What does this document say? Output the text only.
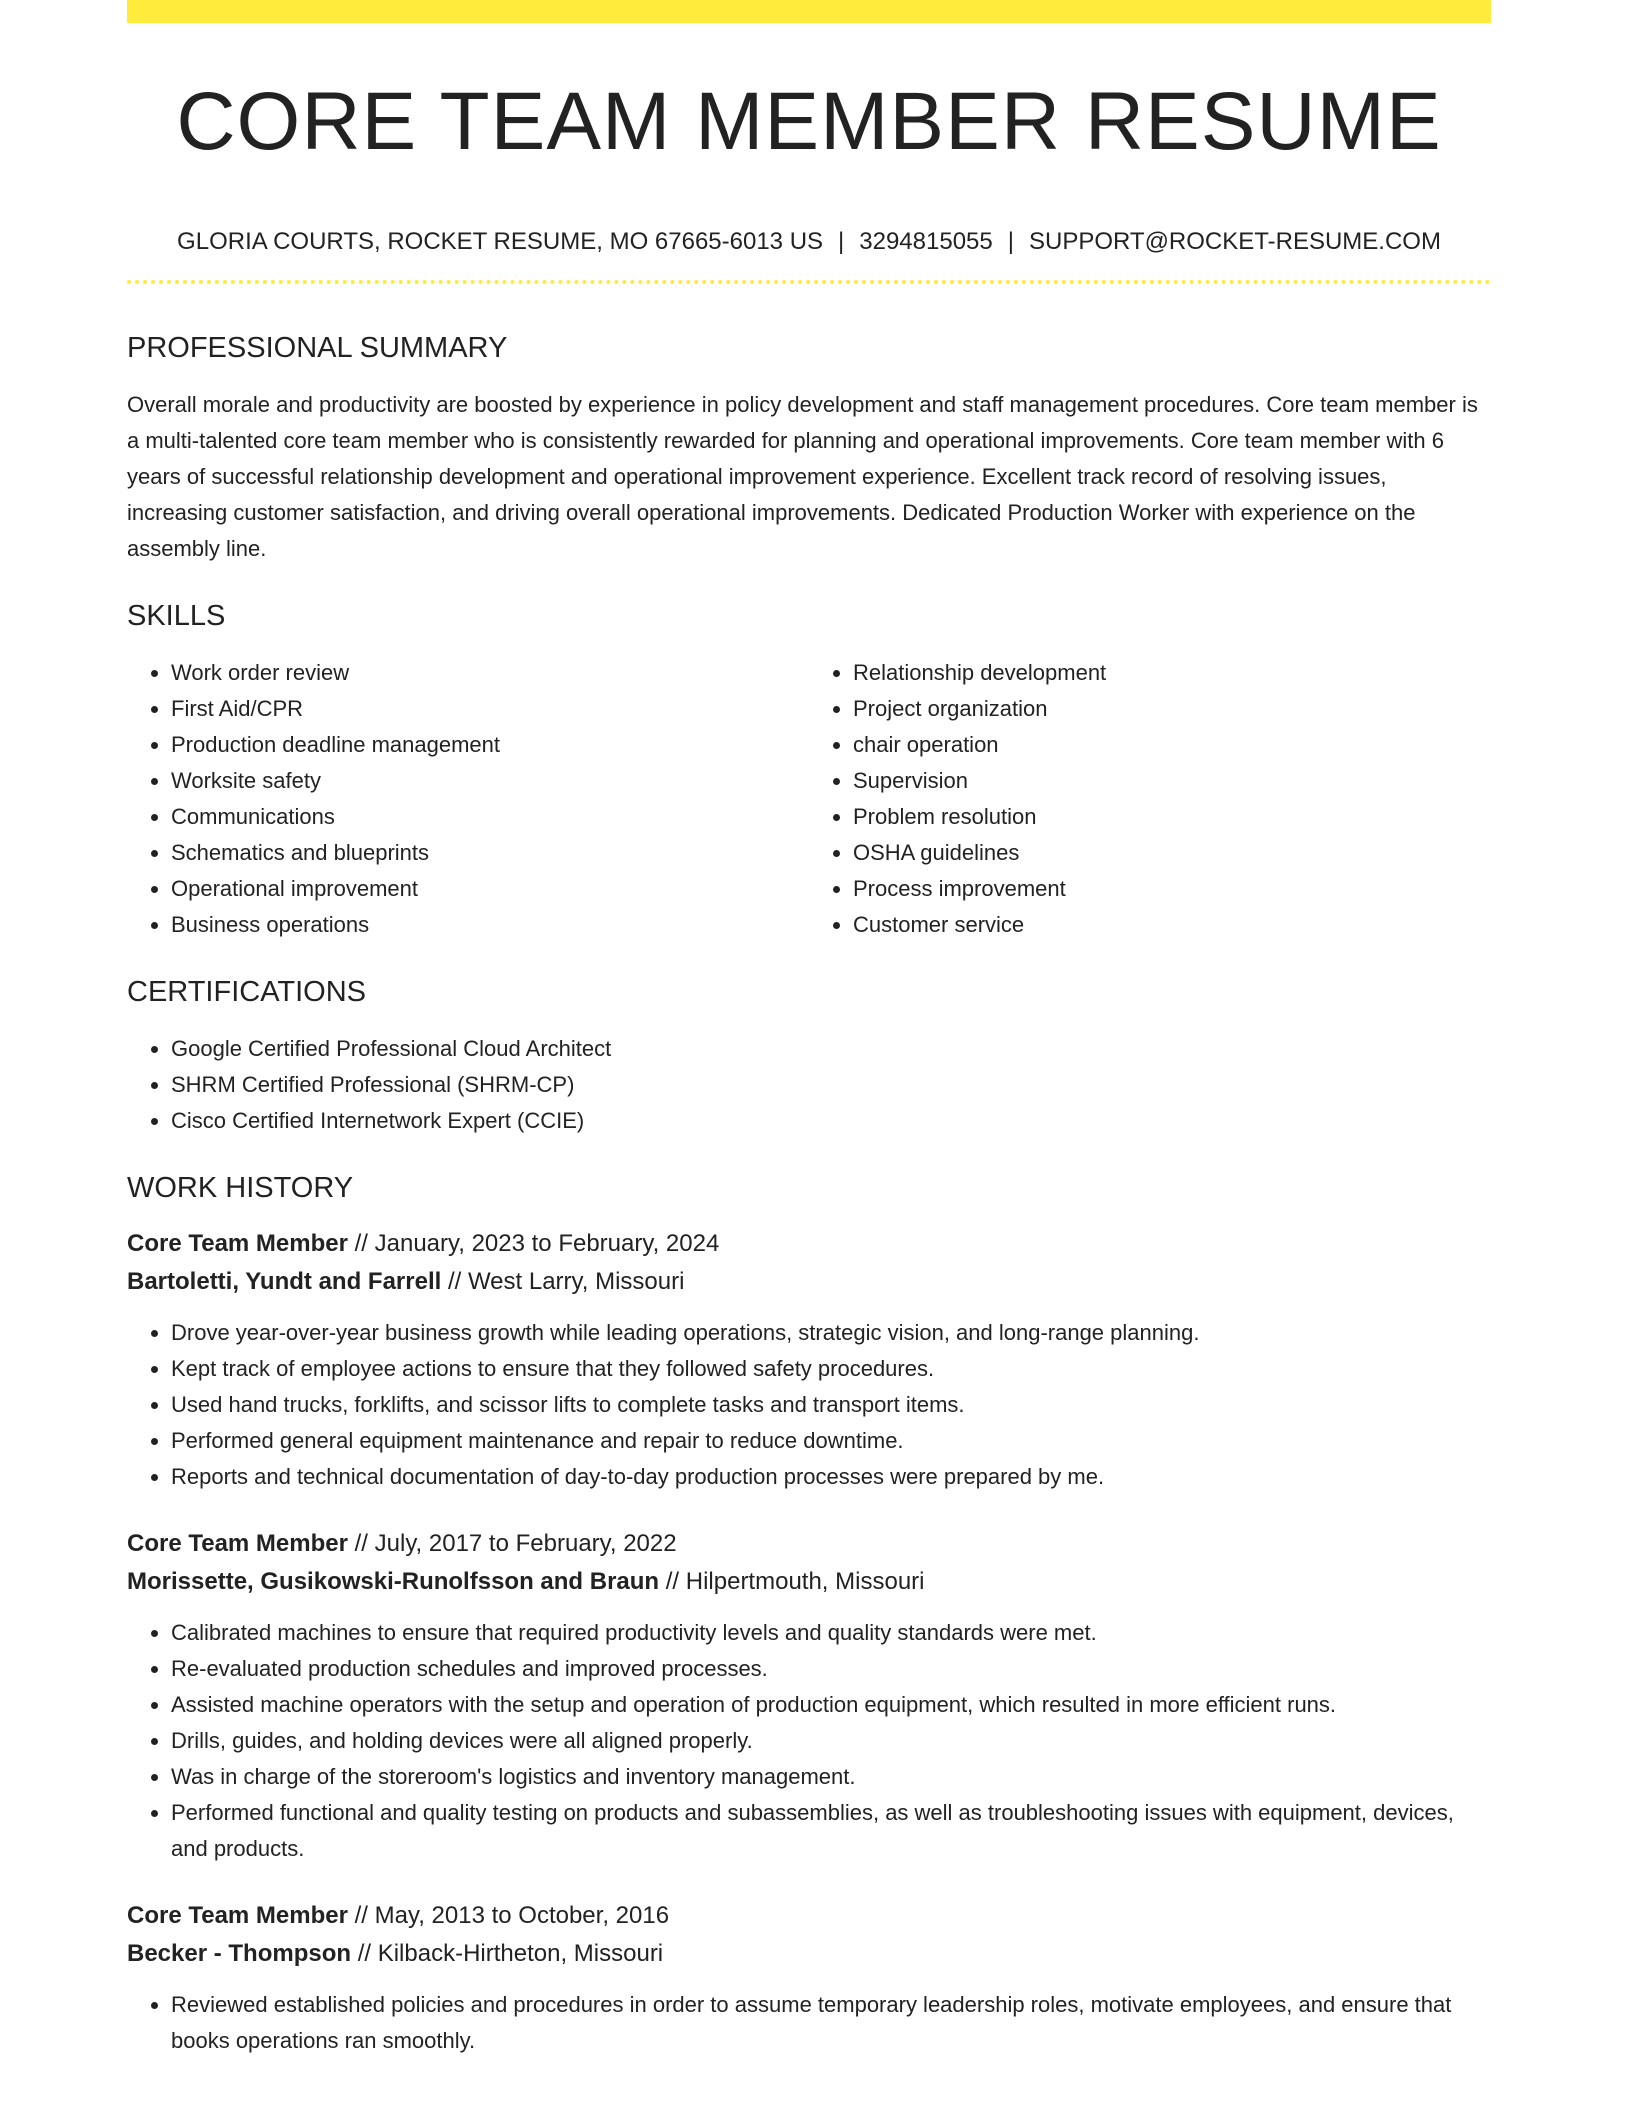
CORE TEAM MEMBER RESUME
GLORIA COURTS, ROCKET RESUME, MO 67665-6013 US | 3294815055 | SUPPORT@ROCKET-RESUME.COM
PROFESSIONAL SUMMARY

Overall morale and productivity are boosted by experience in policy development and staff management procedures. Core team member is a multi-talented core team member who is consistently rewarded for planning and operational improvements. Core team member with 6 years of successful relationship development and operational improvement experience. Excellent track record of resolving issues, increasing customer satisfaction, and driving overall operational improvements. Dedicated Production Worker with experience on the assembly line.

SKILLS
• Work order review
• First Aid/CPR
• Production deadline management
• Worksite safety
• Communications
• Schematics and blueprints
• Operational improvement
• Business operations
• Relationship development
• Project organization
• chair operation
• Supervision
• Problem resolution
• OSHA guidelines
• Process improvement
• Customer service
CERTIFICATIONS
• Google Certified Professional Cloud Architect
• SHRM Certified Professional (SHRM-CP)
• Cisco Certified Internetwork Expert (CCIE)
WORK HISTORY
Core Team Member // January, 2023 to February, 2024
Bartoletti, Yundt and Farrell // West Larry, Missouri
• Drove year-over-year business growth while leading operations, strategic vision, and long-range planning.
• Kept track of employee actions to ensure that they followed safety procedures.
• Used hand trucks, forklifts, and scissor lifts to complete tasks and transport items.
• Performed general equipment maintenance and repair to reduce downtime.
• Reports and technical documentation of day-to-day production processes were prepared by me.
Core Team Member // July, 2017 to February, 2022
Morissette, Gusikowski-Runolfsson and Braun // Hilpertmouth, Missouri
• Calibrated machines to ensure that required productivity levels and quality standards were met.
• Re-evaluated production schedules and improved processes.
• Assisted machine operators with the setup and operation of production equipment, which resulted in more efficient runs.
• Drills, guides, and holding devices were all aligned properly.
• Was in charge of the storeroom's logistics and inventory management.
• Performed functional and quality testing on products and subassemblies, as well as troubleshooting issues with equipment, devices, and products.
Core Team Member // May, 2013 to October, 2016
Becker - Thompson // Kilback-Hirtheton, Missouri
• Reviewed established policies and procedures in order to assume temporary leadership roles, motivate employees, and ensure that books operations ran smoothly.
